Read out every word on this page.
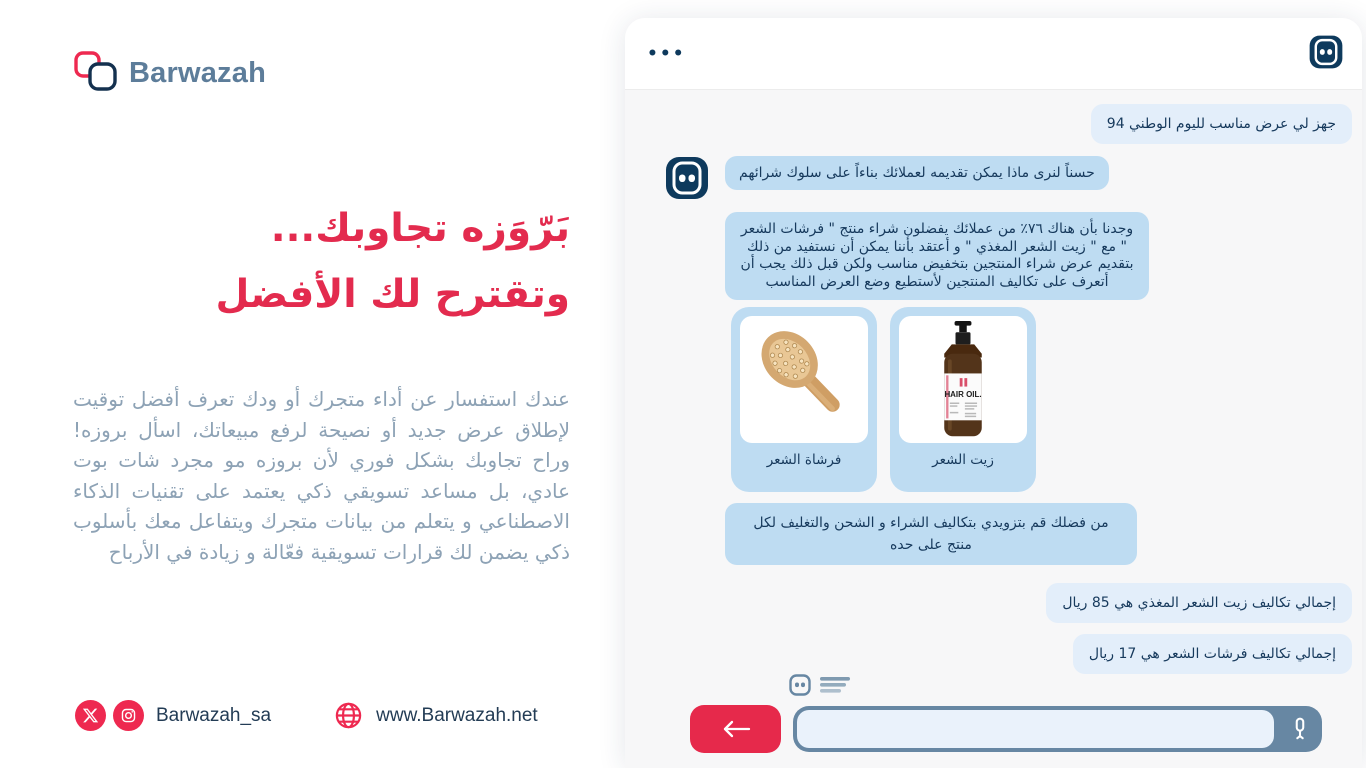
Barwazah
بَرّوَزه تجاوبك...
وتقترح لك الأفضل

عندك استفسار عن أداء متجرك أو ودك تعرف أفضل توقيت لإطلاق عرض جديد أو نصيحة لرفع مبيعاتك، اسأل بروزه! وراح تجاوبك بشكل فوري لأن بروزه مو مجرد شات بوت عادي، بل مساعد تسويقي ذكي يعتمد على تقنيات الذكاء الاصطناعي و يتعلم من بيانات متجرك ويتفاعل معك بأسلوب ذكي يضمن لك قرارات تسويقية فعّالة و زيادة في الأرباح

Barwazah_sa	www.Barwazah.net
•••
جهز لي عرض مناسب لليوم الوطني 94
حسناً لنرى ماذا يمكن تقديمه لعملائك بناءاً على سلوك شرائهم
وجدنا بأن هناك ٧٦٪ من عملائك يفضلون شراء منتج " فرشات الشعر " مع " زيت الشعر المغذي " و أعتقد بأننا يمكن أن نستفيد من ذلك بتقديم عرض شراء المنتجين بتخفيض مناسب ولكن قبل ذلك يجب أن أتعرف على تكاليف المنتجين لأستطيع وضع العرض المناسب
فرشاة الشعر
HAIR OIL.
زيت الشعر
من فضلك قم بتزويدي بتكاليف الشراء و الشحن والتغليف لكل منتج على حده
إجمالي تكاليف زيت الشعر المغذي هي 85 ريال
إجمالي تكاليف فرشات الشعر هي 17 ريال
